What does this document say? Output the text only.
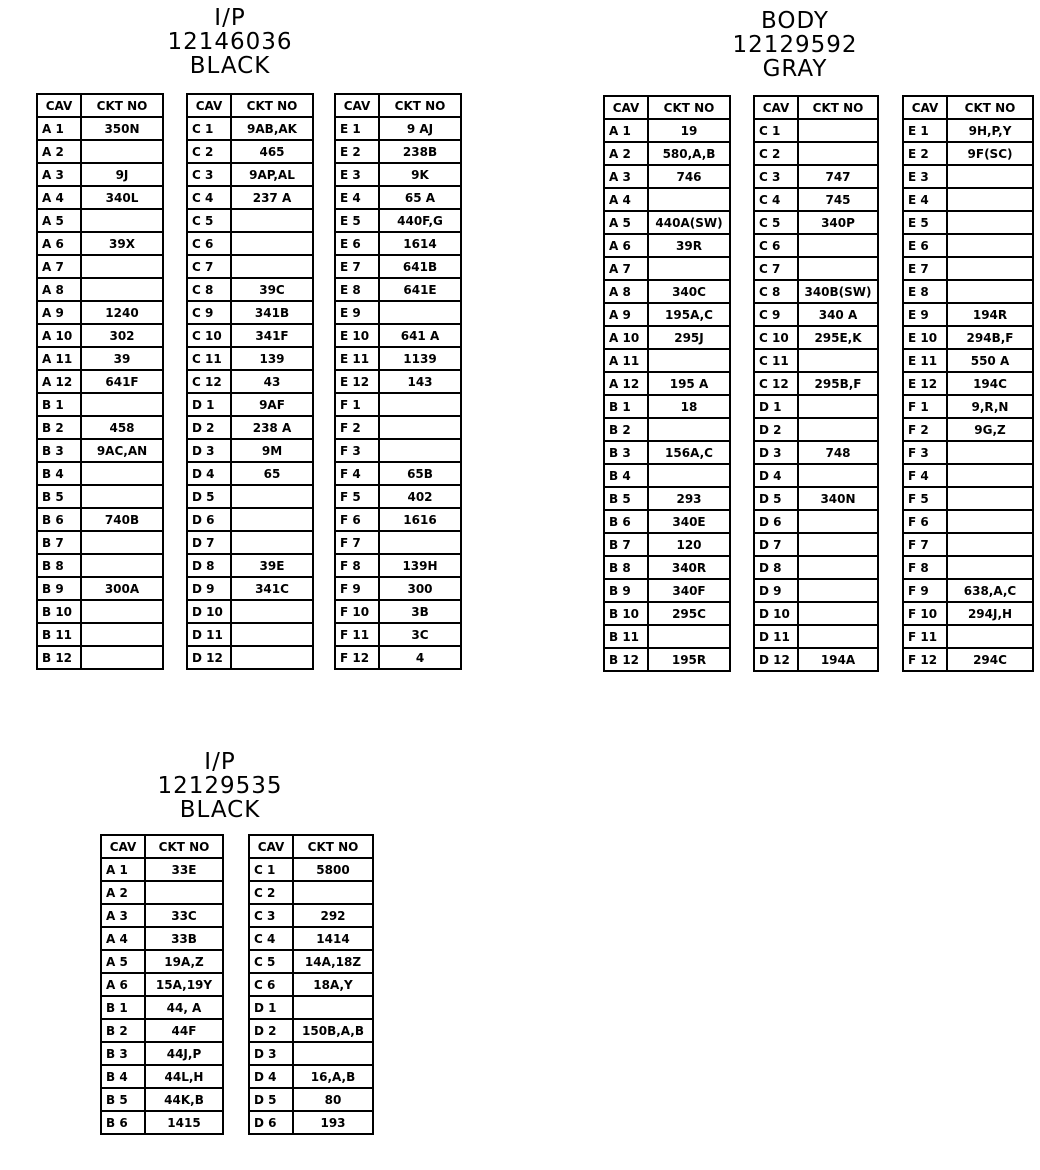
I/P
12146036
BLACK
CAV	CKT NO
A 1	350N
A 2	
A 3	9J
A 4	340L
A 5	
A 6	39X
A 7	
A 8	
A 9	1240
A 10	302
A 11	39
A 12	641F
B 1	
B 2	458
B 3	9AC,AN
B 4	
B 5	
B 6	740B
B 7	
B 8	
B 9	300A
B 10	
B 11	
B 12	
CAV	CKT NO
C 1	9AB,AK
C 2	465
C 3	9AP,AL
C 4	237 A
C 5	
C 6	
C 7	
C 8	39C
C 9	341B
C 10	341F
C 11	139
C 12	43
D 1	9AF
D 2	238 A
D 3	9M
D 4	65
D 5	
D 6	
D 7	
D 8	39E
D 9	341C
D 10	
D 11	
D 12	
CAV	CKT NO
E 1	9 AJ
E 2	238B
E 3	9K
E 4	65 A
E 5	440F,G
E 6	1614
E 7	641B
E 8	641E
E 9	
E 10	641 A
E 11	1139
E 12	143
F 1	
F 2	
F 3	
F 4	65B
F 5	402
F 6	1616
F 7	
F 8	139H
F 9	300
F 10	3B
F 11	3C
F 12	4
BODY
12129592
GRAY
CAV	CKT NO
A 1	19
A 2	580,A,B
A 3	746
A 4	
A 5	440A(SW)
A 6	39R
A 7	
A 8	340C
A 9	195A,C
A 10	295J
A 11	
A 12	195 A
B 1	18
B 2	
B 3	156A,C
B 4	
B 5	293
B 6	340E
B 7	120
B 8	340R
B 9	340F
B 10	295C
B 11	
B 12	195R
CAV	CKT NO
C 1	
C 2	
C 3	747
C 4	745
C 5	340P
C 6	
C 7	
C 8	340B(SW)
C 9	340 A
C 10	295E,K
C 11	
C 12	295B,F
D 1	
D 2	
D 3	748
D 4	
D 5	340N
D 6	
D 7	
D 8	
D 9	
D 10	
D 11	
D 12	194A
CAV	CKT NO
E 1	9H,P,Y
E 2	9F(SC)
E 3	
E 4	
E 5	
E 6	
E 7	
E 8	
E 9	194R
E 10	294B,F
E 11	550 A
E 12	194C
F 1	9,R,N
F 2	9G,Z
F 3	
F 4	
F 5	
F 6	
F 7	
F 8	
F 9	638,A,C
F 10	294J,H
F 11	
F 12	294C
I/P
12129535
BLACK
CAV	CKT NO
A 1	33E
A 2	
A 3	33C
A 4	33B
A 5	19A,Z
A 6	15A,19Y
B 1	44, A
B 2	44F
B 3	44J,P
B 4	44L,H
B 5	44K,B
B 6	1415
CAV	CKT NO
C 1	5800
C 2	
C 3	292
C 4	1414
C 5	14A,18Z
C 6	18A,Y
D 1	
D 2	150B,A,B
D 3	
D 4	16,A,B
D 5	80
D 6	193
